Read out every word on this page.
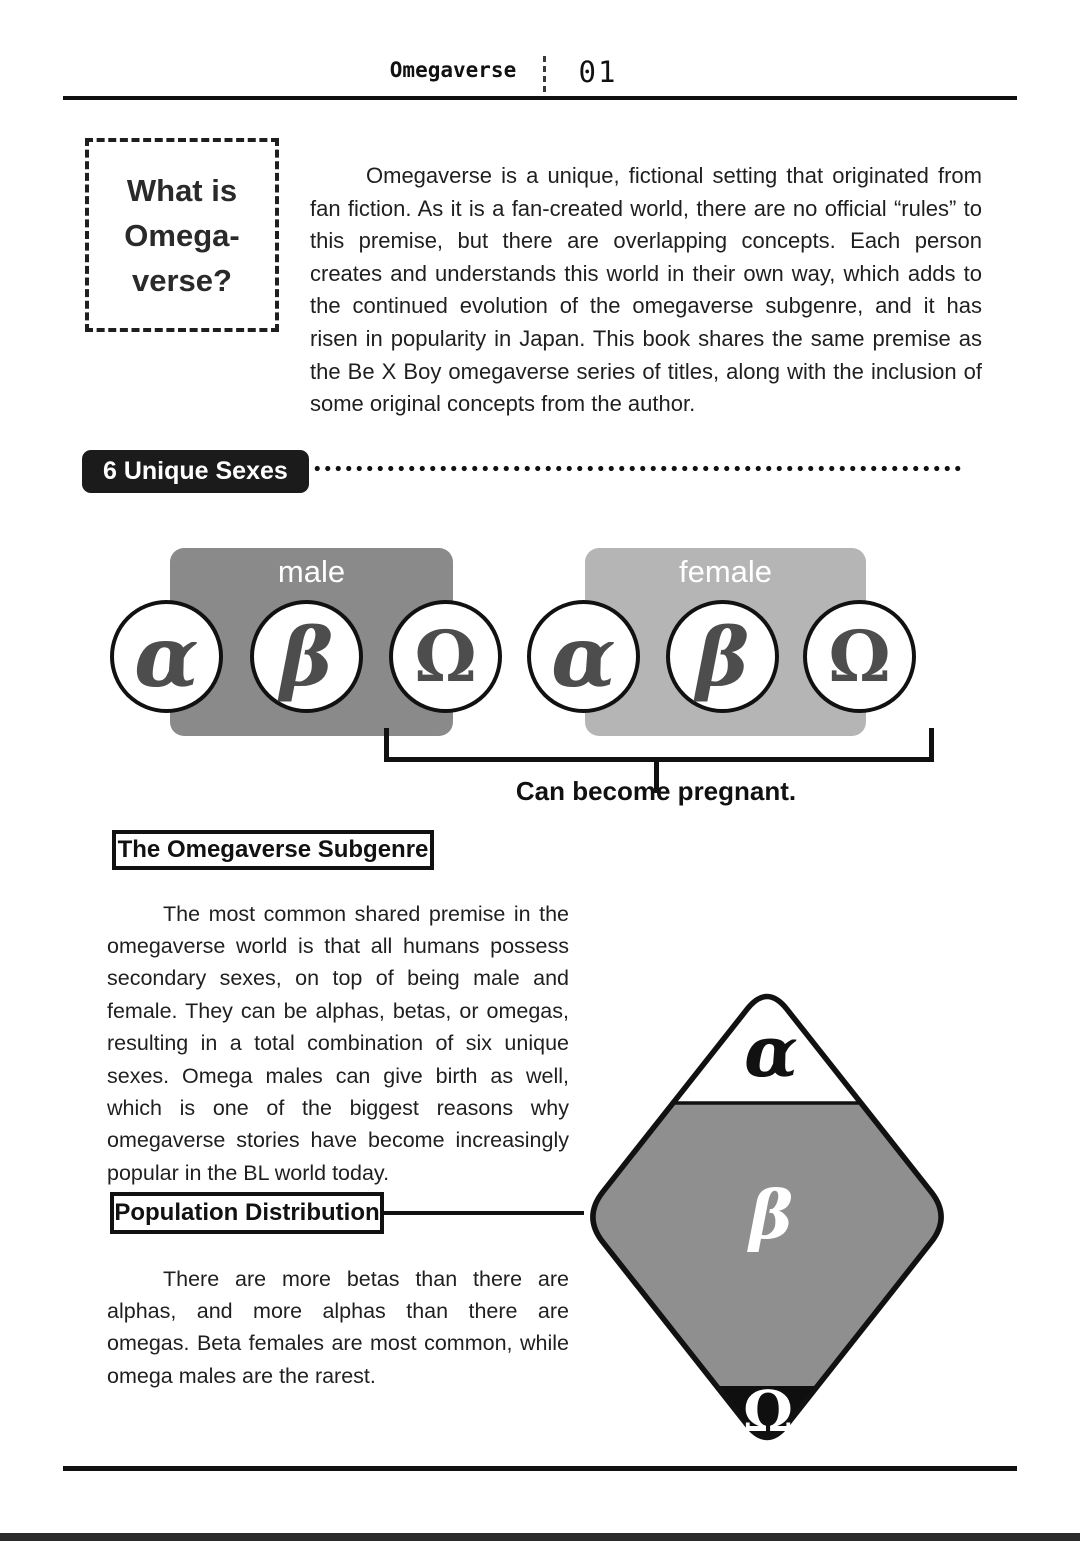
Omegaverse	01
What is
Omega-
verse?

Omegaverse is a unique, fictional setting that originated from fan fiction. As it is a fan-created world, there are no official “rules” to this premise, but there are overlapping concepts. Each person creates and understands this world in their own way, which adds to the continued evolution of the omegaverse subgenre, and it has risen in popularity in Japan. This book shares the same premise as the Be X Boy omegaverse series of titles, along with the inclusion of some original concepts from the author.

6 Unique Sexes
male	female
α β Ω α β Ω
Can become pregnant.
The Omegaverse Subgenre

The most common shared premise in the omegaverse world is that all humans possess secondary sexes, on top of being male and female. They can be alphas, betas, or omegas, resulting in a total combination of six unique sexes. Omega males can give birth as well, which is one of the biggest reasons why omegaverse stories have become increasingly popular in the BL world today.

Population Distribution

There are more betas than there are alphas, and more alphas than there are omegas. Beta females are most common, while omega males are the rarest.

α
β
Ω
